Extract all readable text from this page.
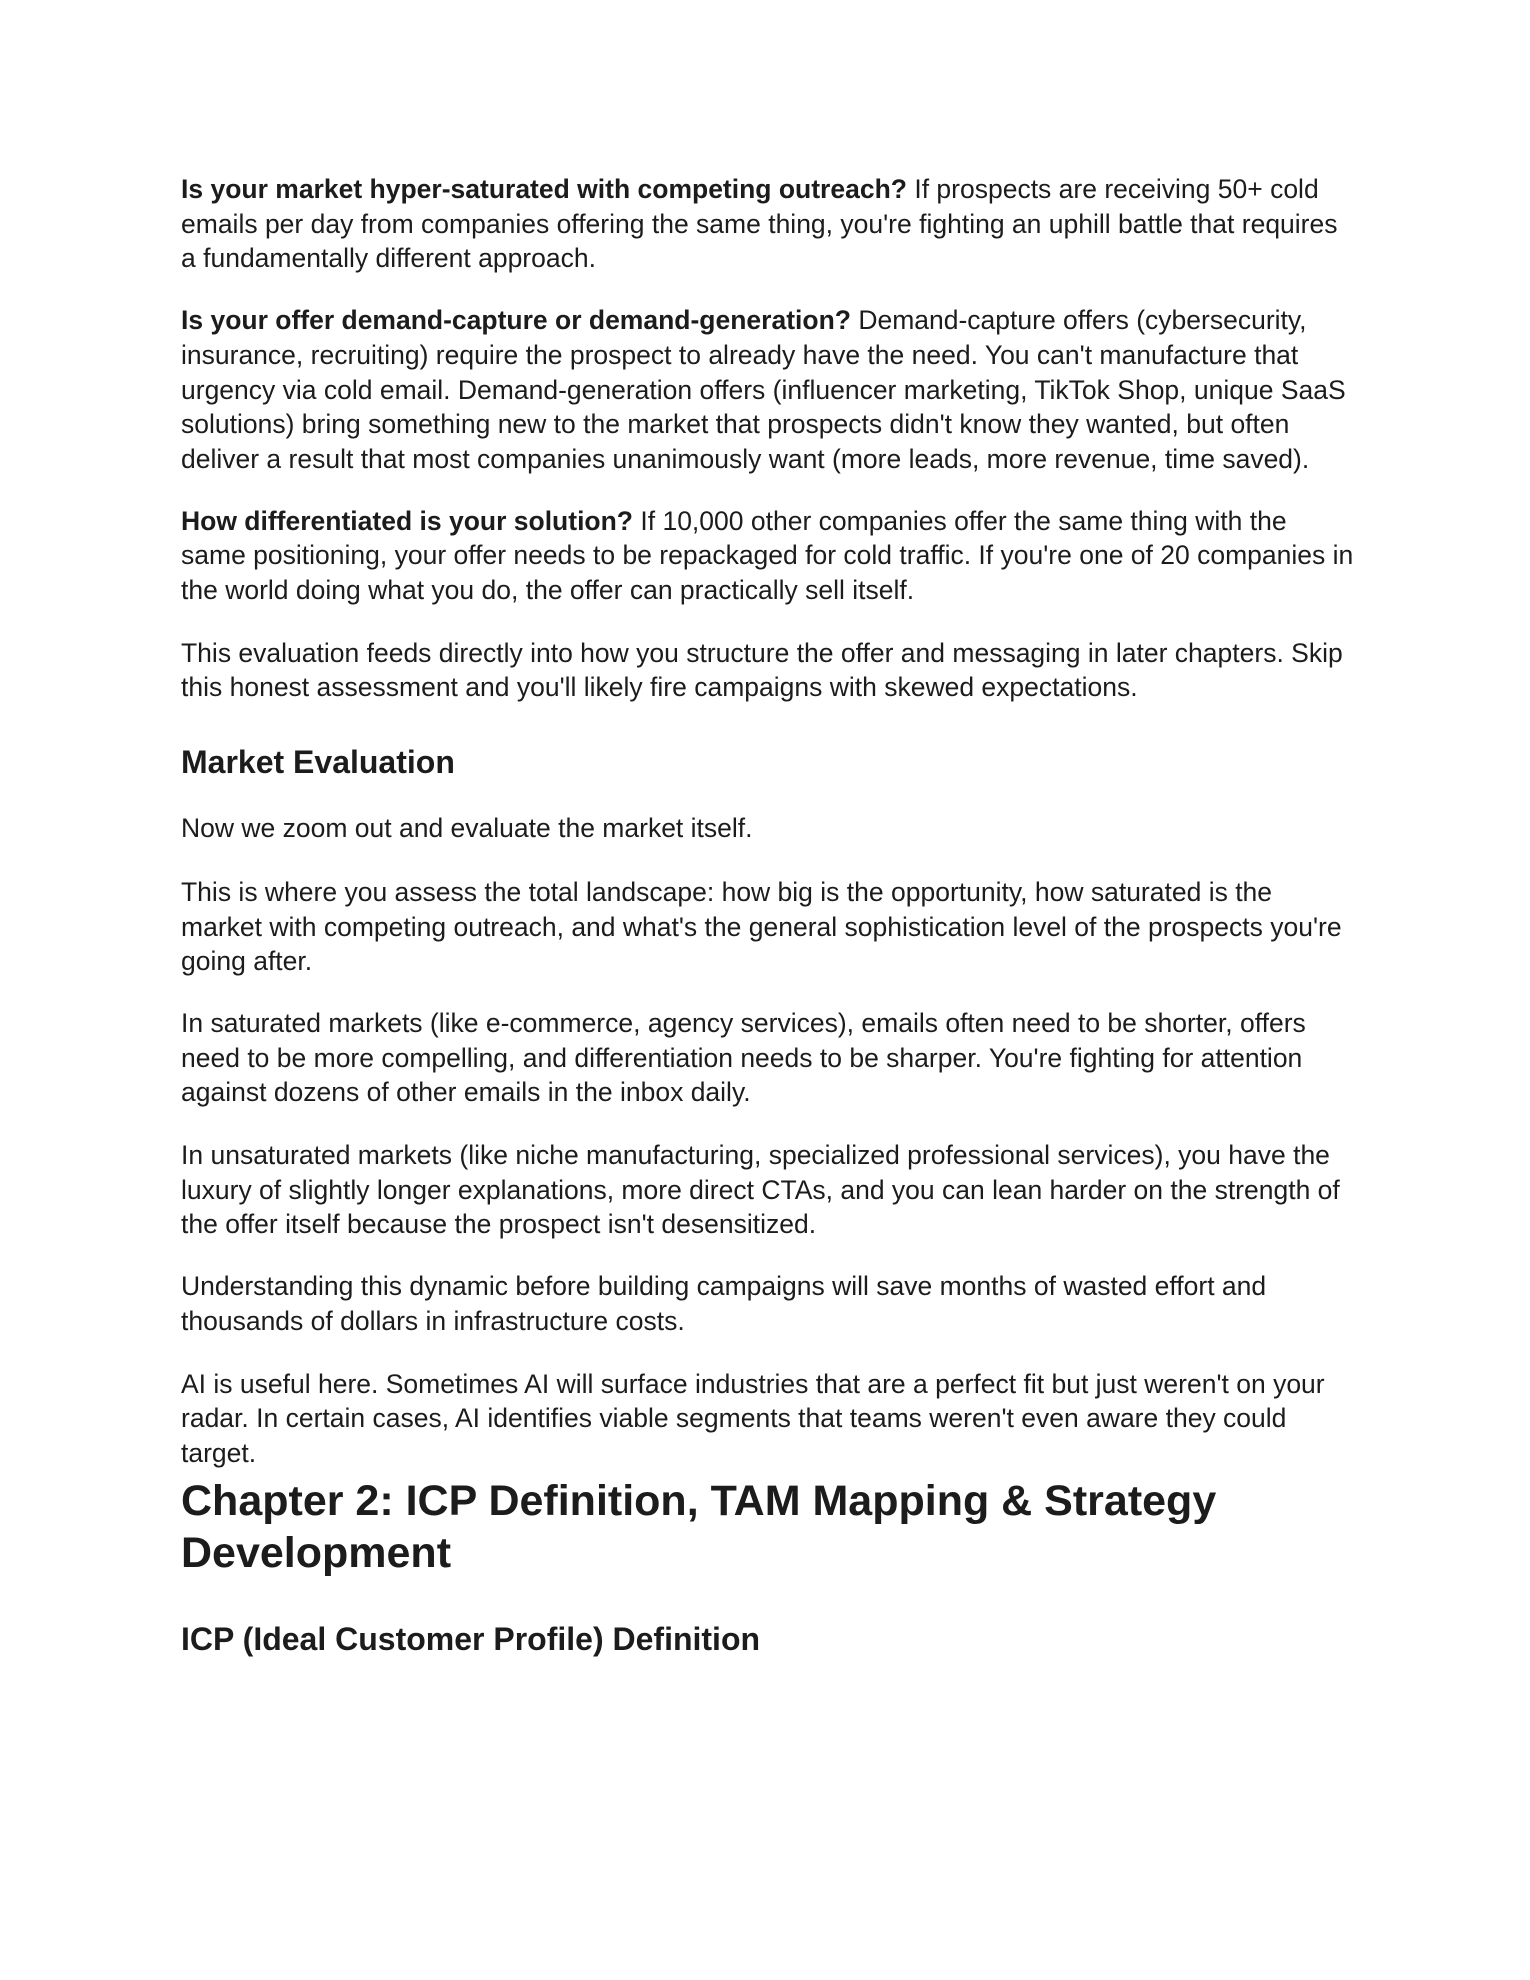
Is your market hyper-saturated with competing outreach? If prospects are receiving 50+ cold emails per day from companies offering the same thing, you're fighting an uphill battle that requires a fundamentally different approach.

Is your offer demand-capture or demand-generation? Demand-capture offers (cybersecurity, insurance, recruiting) require the prospect to already have the need. You can't manufacture that urgency via cold email. Demand-generation offers (influencer marketing, TikTok Shop, unique SaaS solutions) bring something new to the market that prospects didn't know they wanted, but often deliver a result that most companies unanimously want (more leads, more revenue, time saved).

How differentiated is your solution? If 10,000 other companies offer the same thing with the same positioning, your offer needs to be repackaged for cold traffic. If you're one of 20 companies in the world doing what you do, the offer can practically sell itself.

This evaluation feeds directly into how you structure the offer and messaging in later chapters. Skip this honest assessment and you'll likely fire campaigns with skewed expectations.

Market Evaluation

Now we zoom out and evaluate the market itself.

This is where you assess the total landscape: how big is the opportunity, how saturated is the market with competing outreach, and what's the general sophistication level of the prospects you're going after.

In saturated markets (like e-commerce, agency services), emails often need to be shorter, offers need to be more compelling, and differentiation needs to be sharper. You're fighting for attention against dozens of other emails in the inbox daily.

In unsaturated markets (like niche manufacturing, specialized professional services), you have the luxury of slightly longer explanations, more direct CTAs, and you can lean harder on the strength of the offer itself because the prospect isn't desensitized.

Understanding this dynamic before building campaigns will save months of wasted effort and thousands of dollars in infrastructure costs.

AI is useful here. Sometimes AI will surface industries that are a perfect fit but just weren't on your radar. In certain cases, AI identifies viable segments that teams weren't even aware they could target.

Chapter 2: ICP Definition, TAM Mapping & Strategy Development
ICP (Ideal Customer Profile) Definition
